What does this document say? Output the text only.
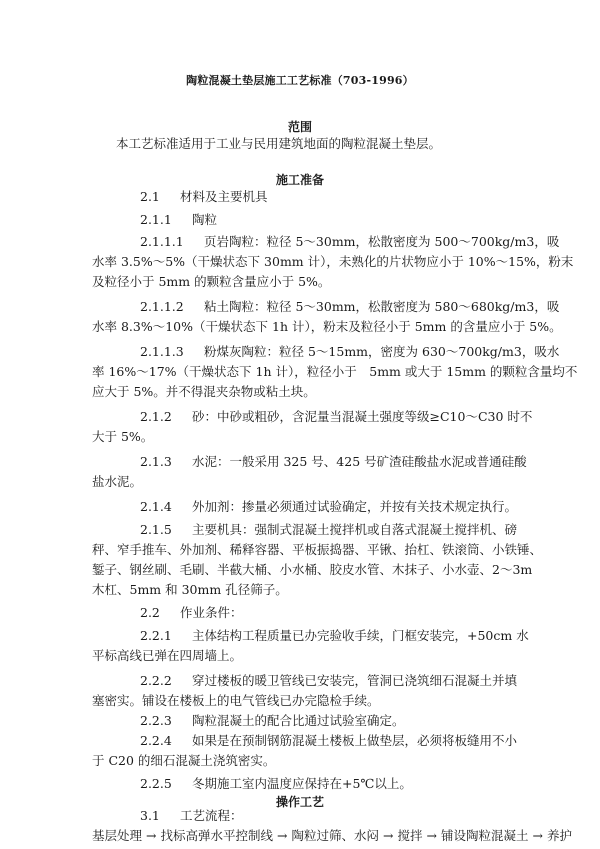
陶粒混凝土垫层施工工艺标准（703-1996）
范围
本工艺标准适用于工业与民用建筑地面的陶粒混凝土垫层。
施工准备
2.1 材料及主要机具
2.1.1 陶粒
2.1.1.1 页岩陶粒：粒径 5～30mm，松散密度为 500～700kg/m3，吸
水率 3.5%～5%（干燥状态下 30mm 计），未熟化的片状物应小于 10%～15%，粉末
及粒径小于 5mm 的颗粒含量应小于 5%。
2.1.1.2 粘土陶粒：粒径 5～30mm，松散密度为 580～680kg/m3，吸
水率 8.3%～10%（干燥状态下 1h 计），粉末及粒径小于 5mm 的含量应小于 5%。
2.1.1.3 粉煤灰陶粒：粒径 5～15mm，密度为 630～700kg/m3，吸水
率 16%～17%（干燥状态下 1h 计），粒径小于　5mm 或大于 15mm 的颗粒含量均不
应大于 5%。并不得混夹杂物或粘土块。
2.1.2 砂：中砂或粗砂，含泥量当混凝土强度等级≥C10～C30 时不
大于 5%。
2.1.3 水泥：一般采用 325 号、425 号矿渣硅酸盐水泥或普通硅酸
盐水泥。
2.1.4 外加剂：掺量必须通过试验确定，并按有关技术规定执行。
2.1.5 主要机具：强制式混凝土搅拌机或自落式混凝土搅拌机、磅
秤、窄手推车、外加剂、稀释容器、平板振捣器、平锹、抬杠、铁滚筒、小铁锤、
錾子、钢丝刷、毛刷、半截大桶、小水桶、胶皮水管、木抹子、小水壶、2～3m
木杠、5mm 和 30mm 孔径筛子。
2.2 作业条件：
2.2.1 主体结构工程质量已办完验收手续，门框安装完，+50cm 水
平标高线已弹在四周墙上。
2.2.2 穿过楼板的暖卫管线已安装完，管洞已浇筑细石混凝土并填
塞密实。铺设在楼板上的电气管线已办完隐检手续。
2.2.3 陶粒混凝土的配合比通过试验室确定。
2.2.4 如果是在预制钢筋混凝土楼板上做垫层，必须将板缝用不小
于 C20 的细石混凝土浇筑密实。
2.2.5 冬期施工室内温度应保持在+5℃以上。
操作工艺
3.1 工艺流程：
基层处理 → 找标高弹水平控制线 → 陶粒过筛、水闷 → 搅拌 → 铺设陶粒混凝土 → 养护
